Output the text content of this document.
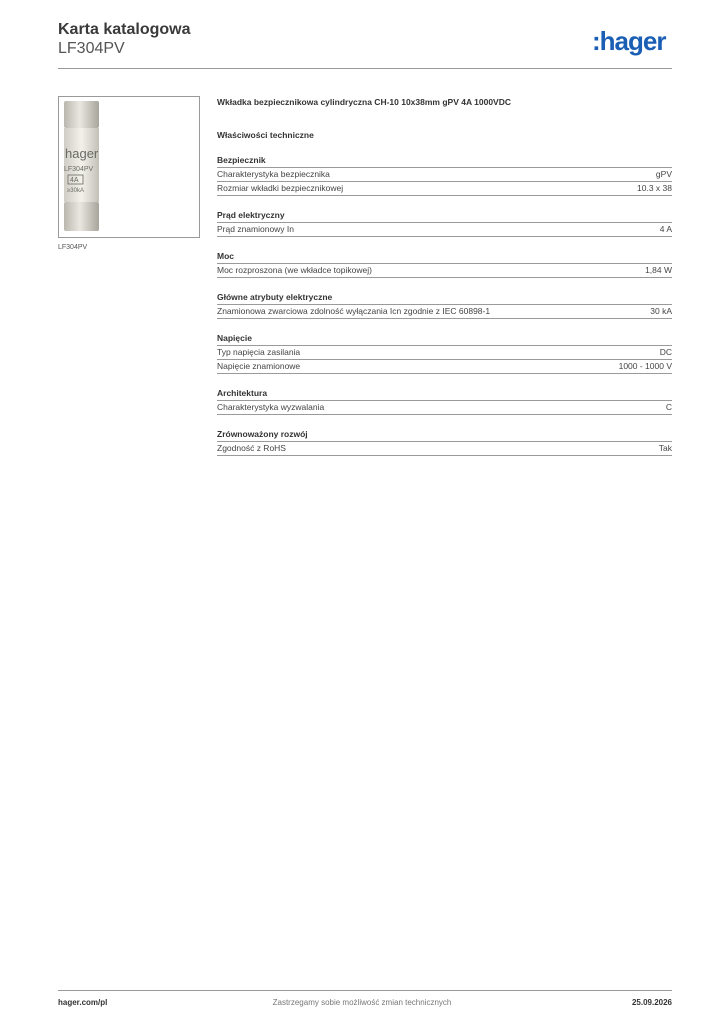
Karta katalogowa
LF304PV	:hager
hager
LF304PV
4A
≥30kA
LF304PV
Wkładka bezpiecznikowa cylindryczna CH-10 10x38mm gPV 4A 1000VDC
Właściwości techniczne
Bezpiecznik
Charakterystyka bezpiecznika	gPV
Rozmiar wkładki bezpiecznikowej	10.3 x 38
Prąd elektryczny
Prąd znamionowy In	4 A
Moc
Moc rozproszona (we wkładce topikowej)	1,84 W
Główne atrybuty elektryczne
Znamionowa zwarciowa zdolność wyłączania Icn zgodnie z IEC 60898-1	30 kA
Napięcie
Typ napięcia zasilania	DC
Napięcie znamionowe	1000 - 1000 V
Architektura
Charakterystyka wyzwalania	C
Zrównoważony rozwój
Zgodność z RoHS	Tak
hager.com/pl	Zastrzegamy sobie możliwość zmian technicznych	25.09.2026
